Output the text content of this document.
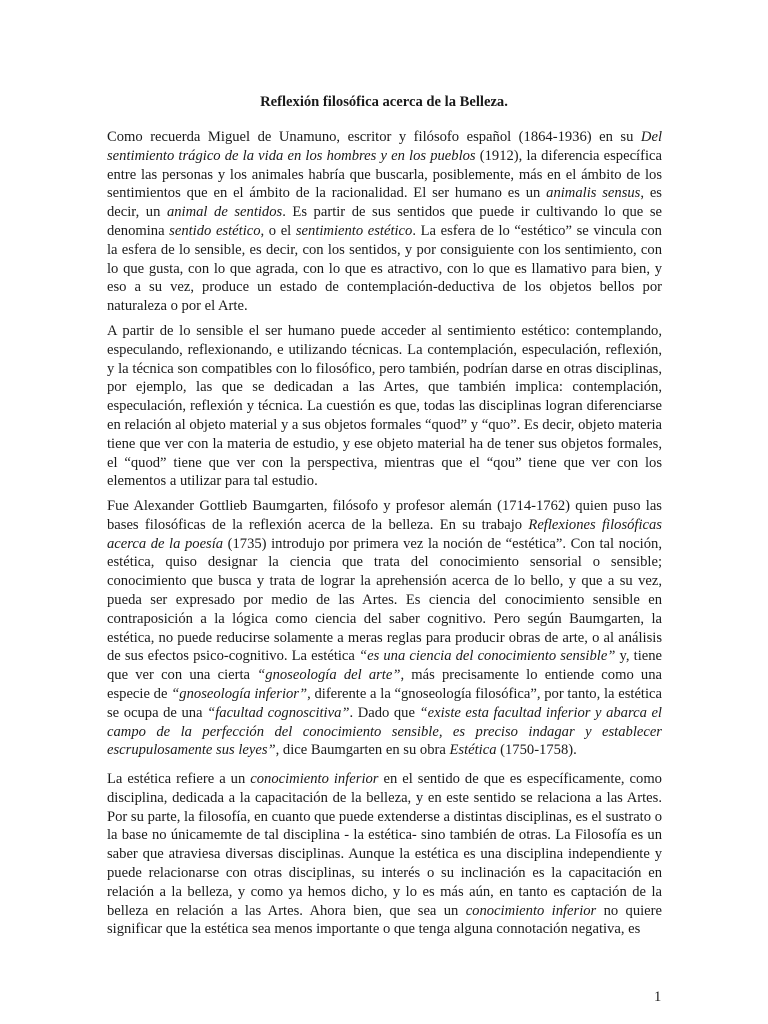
Reflexión filosófica acerca de la Belleza.

Como recuerda Miguel de Unamuno, escritor y filósofo español (1864-1936) en su Del sentimiento trágico de la vida en los hombres y en los pueblos (1912), la diferencia específica entre las personas y los animales habría que buscarla, posiblemente, más en el ámbito de los sentimientos que en el ámbito de la racionalidad. El ser humano es un animalis sensus, es decir, un animal de sentidos. Es partir de sus sentidos que puede ir cultivando lo que se denomina sentido estético, o el sentimiento estético. La esfera de lo “estético” se vincula con la esfera de lo sensible, es decir, con los sentidos, y por consiguiente con los sentimiento, con lo que gusta, con lo que agrada, con lo que es atractivo, con lo que es llamativo para bien, y eso a su vez, produce un estado de contemplación-deductiva de los objetos bellos por naturaleza o por el Arte.

A partir de lo sensible el ser humano puede acceder al sentimiento estético: contemplando, especulando, reflexionando, e utilizando técnicas. La contemplación, especulación, reflexión, y la técnica son compatibles con lo filosófico, pero también, podrían darse en otras disciplinas, por ejemplo, las que se dedicadan a las Artes, que también implica: contemplación, especulación, reflexión y técnica. La cuestión es que, todas las disciplinas logran diferenciarse en relación al objeto material y a sus objetos formales “quod” y “quo”. Es decir, objeto materia tiene que ver con la materia de estudio, y ese objeto material ha de tener sus objetos formales, el “quod” tiene que ver con la perspectiva, mientras que el “qou” tiene que ver con los elementos a utilizar para tal estudio.

Fue Alexander Gottlieb Baumgarten, filósofo y profesor alemán (1714-1762) quien puso las bases filosóficas de la reflexión acerca de la belleza. En su trabajo Reflexiones filosóficas acerca de la poesía (1735) introdujo por primera vez la noción de “estética”. Con tal noción, estética, quiso designar la ciencia que trata del conocimiento sensorial o sensible; conocimiento que busca y trata de lograr la aprehensión acerca de lo bello, y que a su vez, pueda ser expresado por medio de las Artes. Es ciencia del conocimiento sensible en contraposición a la lógica como ciencia del saber cognitivo. Pero según Baumgarten, la estética, no puede reducirse solamente a meras reglas para producir obras de arte, o al análisis de sus efectos psico-cognitivo. La estética “es una ciencia del conocimiento sensible” y, tiene que ver con una cierta “gnoseología del arte”, más precisamente lo entiende como una especie de “gnoseología inferior”, diferente a la “gnoseología filosófica”, por tanto, la estética se ocupa de una “facultad cognoscitiva”. Dado que “existe esta facultad inferior y abarca el campo de la perfección del conocimiento sensible, es preciso indagar y establecer escrupulosamente sus leyes”, dice Baumgarten en su obra Estética (1750-1758).

La estética refiere a un conocimiento inferior en el sentido de que es específicamente, como disciplina, dedicada a la capacitación de la belleza, y en este sentido se relaciona a las Artes. Por su parte, la filosofía, en cuanto que puede extenderse a distintas disciplinas, es el sustrato o la base no únicamemte de tal disciplina - la estética- sino también de otras. La Filosofía es un saber que atraviesa diversas disciplinas. Aunque la estética es una disciplina independiente y puede relacionarse con otras disciplinas, su interés o su inclinación es la capacitación en relación a la belleza, y como ya hemos dicho, y lo es más aún, en tanto es captación de la belleza en relación a las Artes. Ahora bien, que sea un conocimiento inferior no quiere significar que la estética sea menos importante o que tenga alguna connotación negativa, es

1
